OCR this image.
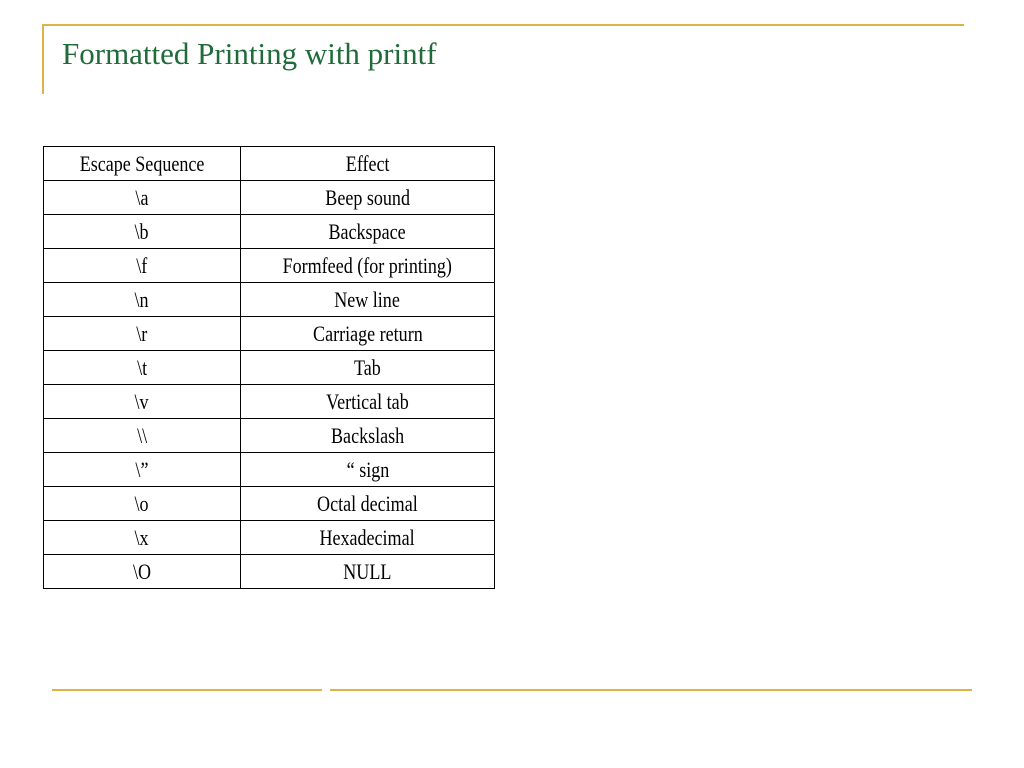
Formatted Printing with printf
Escape Sequence	Effect
\a	Beep sound
\b	Backspace
\f	Formfeed (for printing)
\n	New line
\r	Carriage return
\t	Tab
\v	Vertical tab
\\	Backslash
\”	“ sign
\o	Octal decimal
\x	Hexadecimal
\O	NULL
